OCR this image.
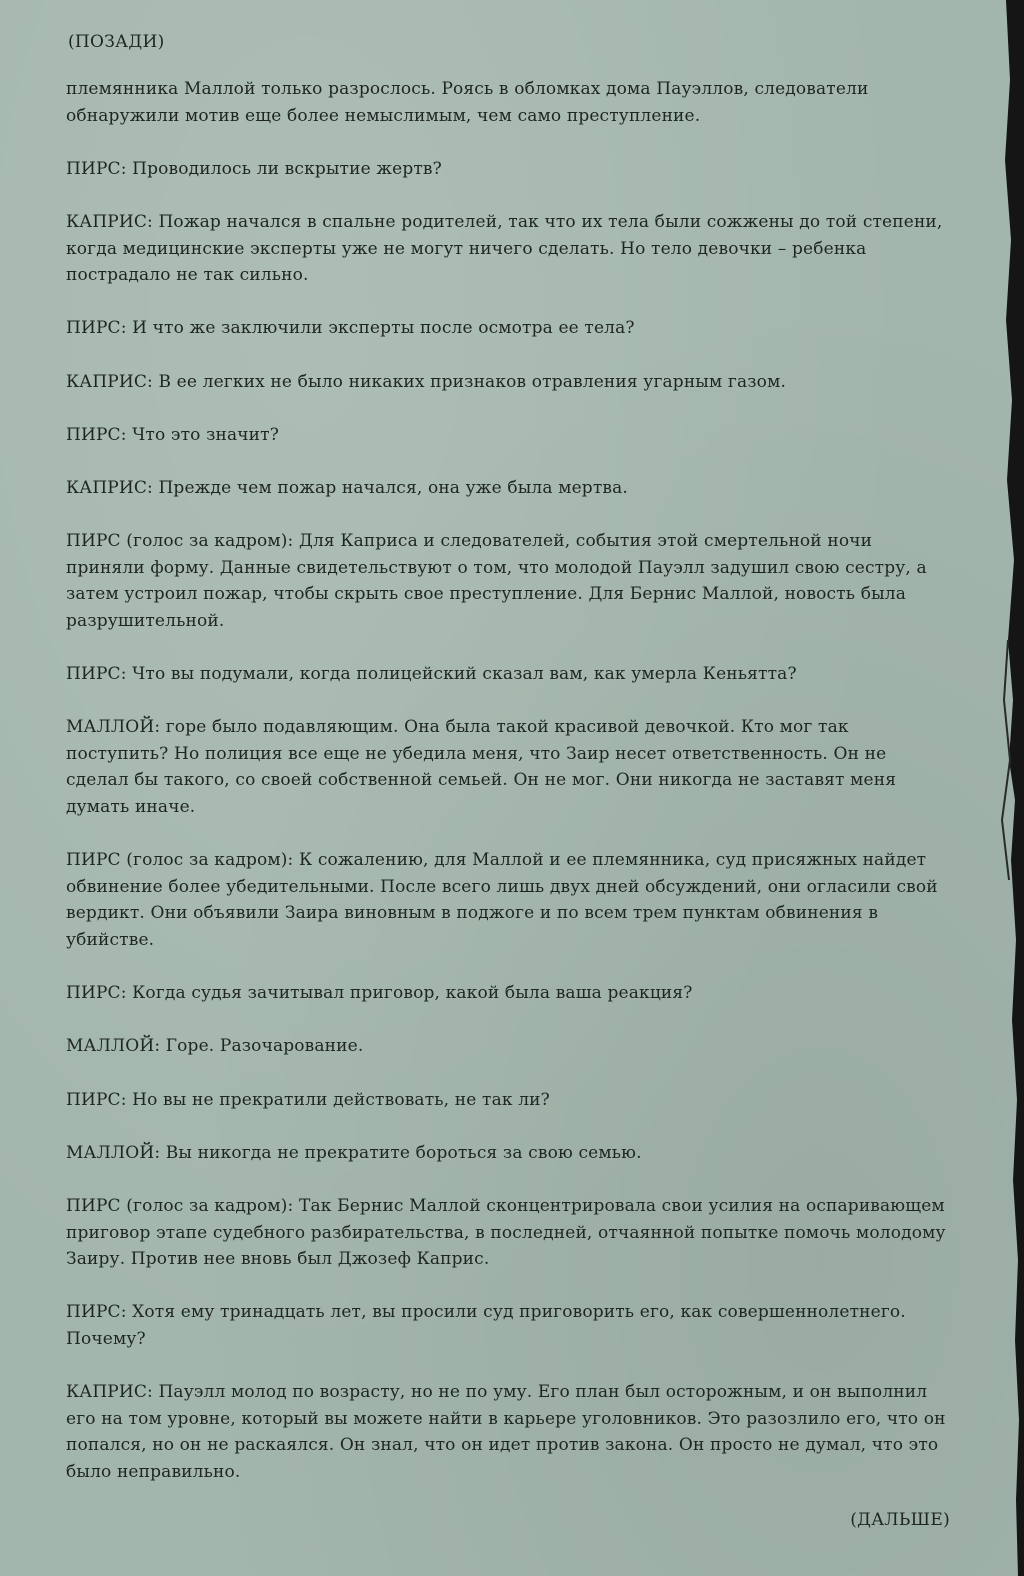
(ПОЗАДИ)

племянника Маллой только разрослось. Роясь в обломках дома Пауэллов, следователи обнаружили мотив еще более немыслимым, чем само преступление.

ПИРС: Проводилось ли вскрытие жертв?

КАПРИС: Пожар начался в спальне родителей, так что их тела были сожжены до той степени, когда медицинские эксперты уже не могут ничего сделать. Но тело девочки – ребенка пострадало не так сильно.

ПИРС: И что же заключили эксперты после осмотра ее тела?

КАПРИС: В ее легких не было никаких признаков отравления угарным газом.

ПИРС: Что это значит?

КАПРИС: Прежде чем пожар начался, она уже была мертва.

ПИРС (голос за кадром): Для Каприса и следователей, события этой смертельной ночи приняли форму. Данные свидетельствуют о том, что молодой Пауэлл задушил свою сестру, а затем устроил пожар, чтобы скрыть свое преступление. Для Бернис Маллой, новость была разрушительной.

ПИРС: Что вы подумали, когда полицейский сказал вам, как умерла Кеньятта?

МАЛЛОЙ: горе было подавляющим. Она была такой красивой девочкой. Кто мог так поступить? Но полиция все еще не убедила меня, что Заир несет ответственность. Он не сделал бы такого, со своей собственной семьей. Он не мог. Они никогда не заставят меня думать иначе.

ПИРС (голос за кадром): К сожалению, для Маллой и ее племянника, суд присяжных найдет обвинение более убедительными. После всего лишь двух дней обсуждений, они огласили свой вердикт. Они объявили Заира виновным в поджоге и по всем трем пунктам обвинения в убийстве.

ПИРС: Когда судья зачитывал приговор, какой была ваша реакция?

МАЛЛОЙ: Горе. Разочарование.

ПИРС: Но вы не прекратили действовать, не так ли?

МАЛЛОЙ: Вы никогда не прекратите бороться за свою семью.

ПИРС (голос за кадром): Так Бернис Маллой сконцентрировала свои усилия на оспаривающем приговор этапе судебного разбирательства, в последней, отчаянной попытке помочь молодому Заиру. Против нее вновь был Джозеф Каприс.

ПИРС: Хотя ему тринадцать лет, вы просили суд приговорить его, как совершеннолетнего. Почему?

КАПРИС: Пауэлл молод по возрасту, но не по уму. Его план был осторожным, и он выполнил его на том уровне, который вы можете найти в карьере уголовников. Это разозлило его, что он попался, но он не раскаялся. Он знал, что он идет против закона. Он просто не думал, что это было неправильно.

(ДАЛЬШЕ)
